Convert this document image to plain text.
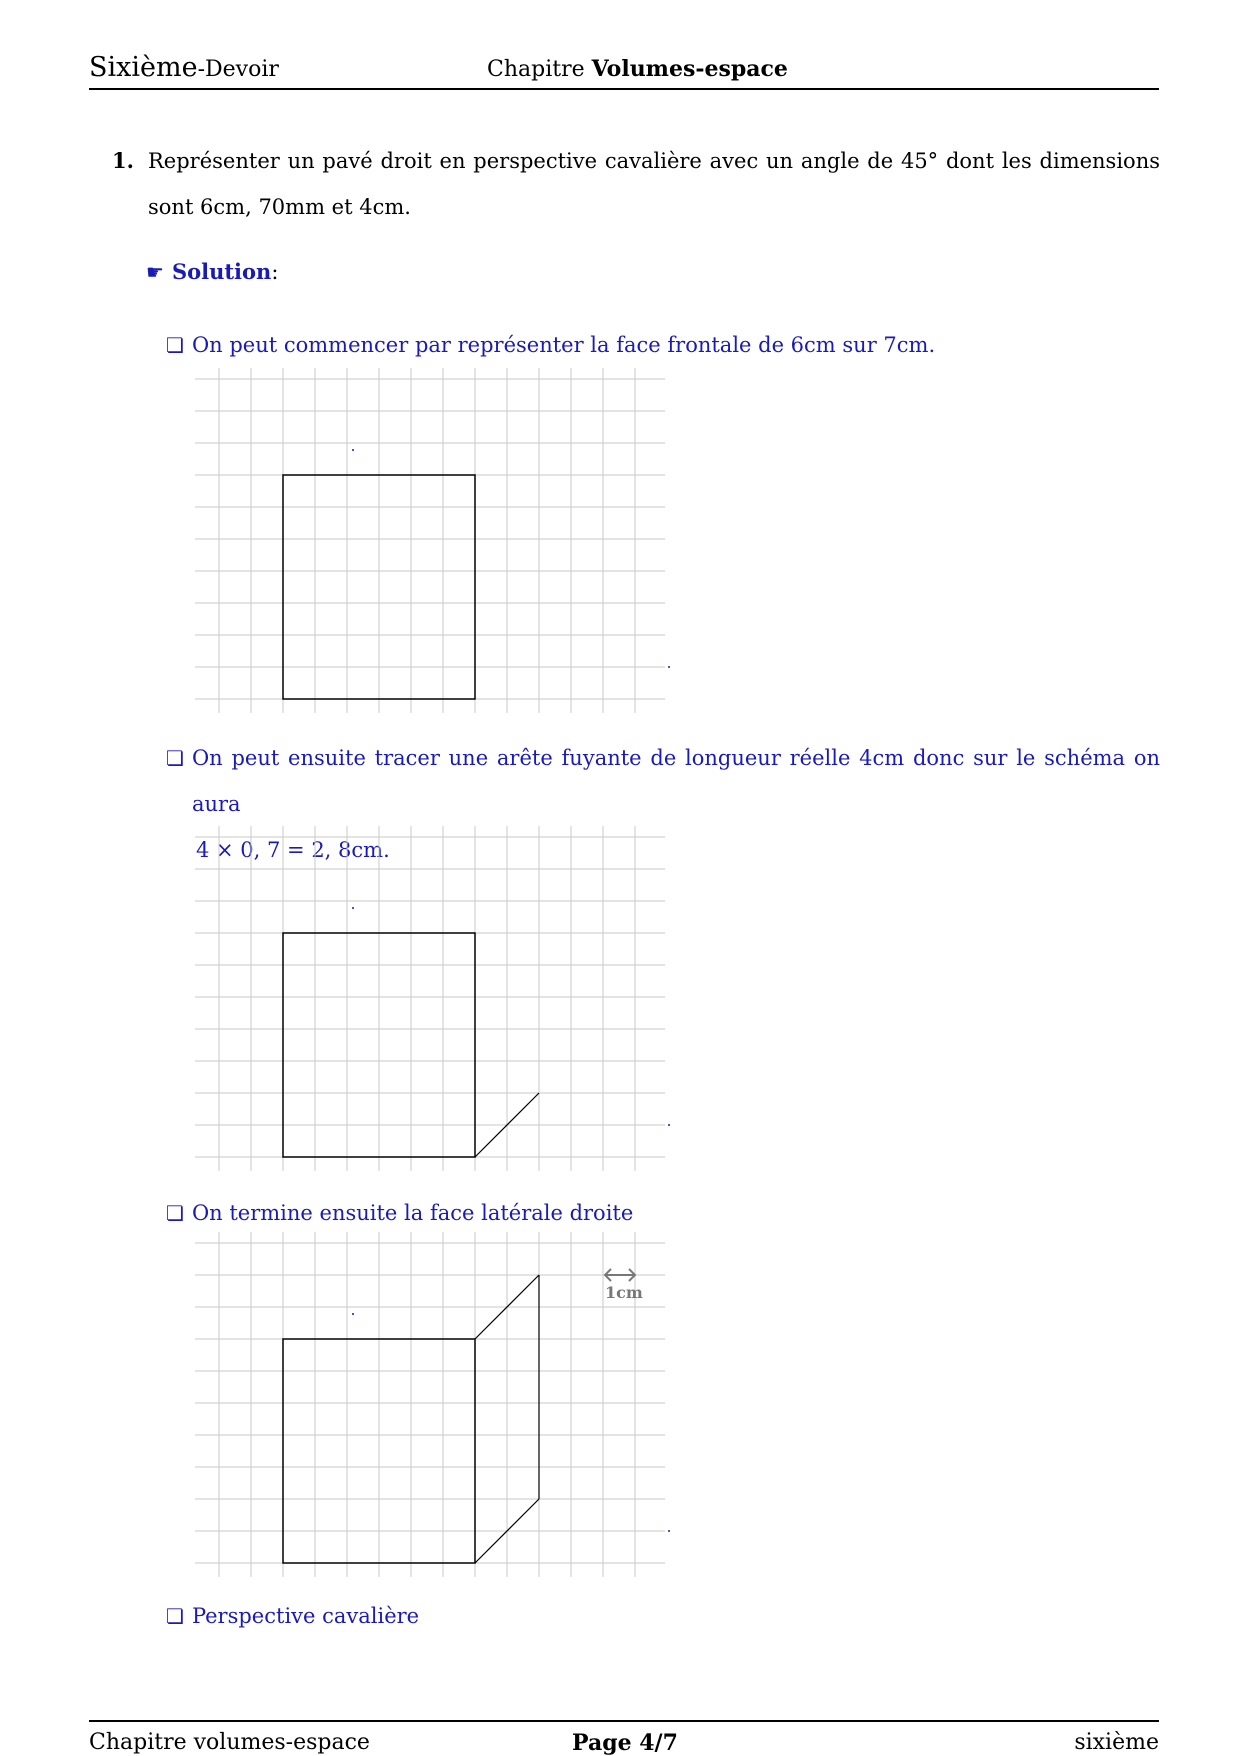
Sixième-Devoir	Chapitre Volumes-espace
1. Représenter un pavé droit en perspective cavalière avec un angle de 45° dont les dimensions sont 6cm, 70mm et 4cm.
☛ Solution:
❏ On peut commencer par représenter la face frontale de 6cm sur 7cm.
❏ On peut ensuite tracer une arête fuyante de longueur réelle 4cm donc sur le schéma on aura
4 × 0, 7 = 2, 8cm.
❏ On termine ensuite la face latérale droite
1cm
❏ Perspective cavalière
Chapitre volumes-espace	Page 4/7	sixième
